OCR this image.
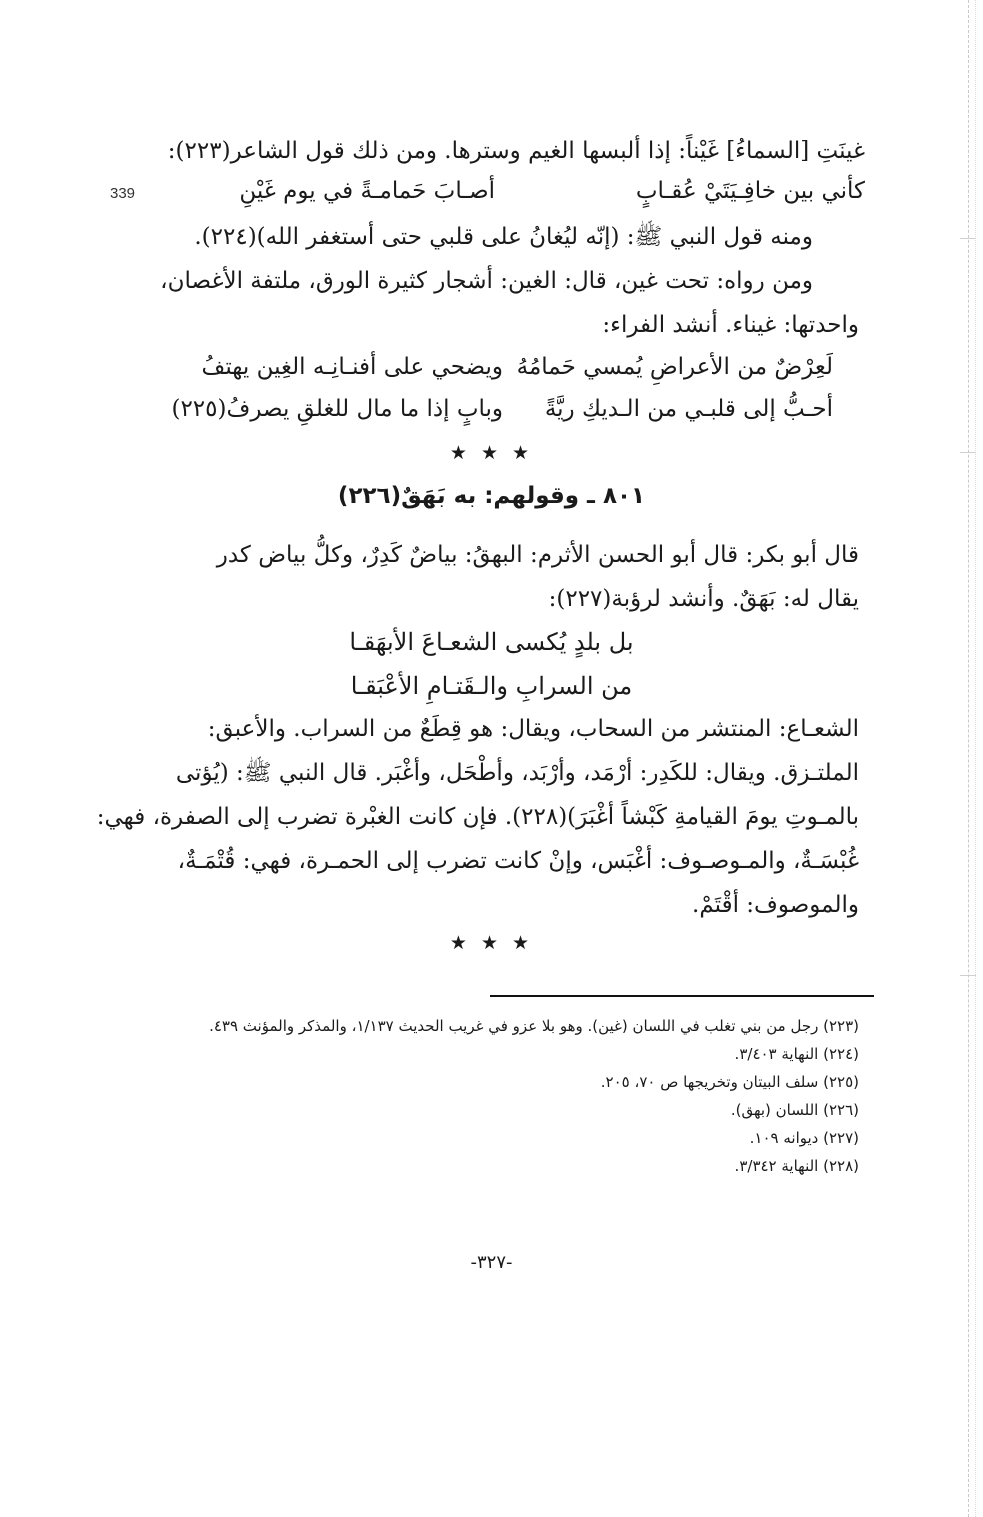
339
غينَتِ [السماءُ] غَيْناً: إذا ألبسها الغيم وسترها. ومن ذلك قول الشاعر(٢٢٣):
كأني بين خافِـيَتَيْ عُقـابٍ
أصـابَ حَمامـةً في يوم غَيْنِ
ومنه قول النبي ﷺ: (إنّه ليُغانُ على قلبي حتى أستغفر الله)(٢٢٤).
ومن رواه: تحت غين، قال: الغين: أشجار كثيرة الورق، ملتفة الأغصان،
واحدتها: غيناء. أنشد الفراء:
لَعِرْضٌ من الأعراضِ يُمسي حَمامُهُ
ويضحي على أفنـانِـه الغِين يهتفُ
أحـبُّ إلى قلبـي من الـديكِ ريَّةً
وبابٍ إذا ما مال للغلقِ يصرفُ(٢٢٥)
★ ★ ★
٨٠١ ـ وقولهم: به بَهَقٌ(٢٢٦)
قال أبو بكر: قال أبو الحسن الأثرم: البهقُ: بياضٌ كَدِرٌ، وكلُّ بياض كدر
يقال له: بَهَقٌ. وأنشد لرؤبة(٢٢٧):
بل بلدٍ يُكسى الشعـاعَ الأبهَقـا
من السرابِ والـقَتـامِ الأعْبَقـا
الشعـاع: المنتشر من السحاب، ويقال: هو قِطَعٌ من السراب. والأعبق:
الملتـزق. ويقال: للكَدِر: أرْمَد، وأرْبَد، وأطْحَل، وأغْبَر. قال النبي ﷺ: (يُؤتى
بالمـوتِ يومَ القيامةِ كَبْشاً أغْبَرَ)(٢٢٨). فإن كانت الغبْرة تضرب إلى الصفرة، فهي:
غُبْسَـةٌ، والمـوصـوف: أغْبَس، وإنْ كانت تضرب إلى الحمـرة، فهي: قُتْمَـةٌ،
والموصوف: أقْتَمْ.
★ ★ ★
(٢٢٣) رجل من بني تغلب في اللسان (غين). وهو بلا عزو في غريب الحديث ١/١٣٧، والمذكر والمؤنث ٤٣٩.
(٢٢٤) النهاية ٣/٤٠٣.
(٢٢٥) سلف البيتان وتخريجها ص ٧٠، ٢٠٥.
(٢٢٦) اللسان (بهق).
(٢٢٧) ديوانه ١٠٩.
(٢٢٨) النهاية ٣/٣٤٢.
-٣٢٧-
